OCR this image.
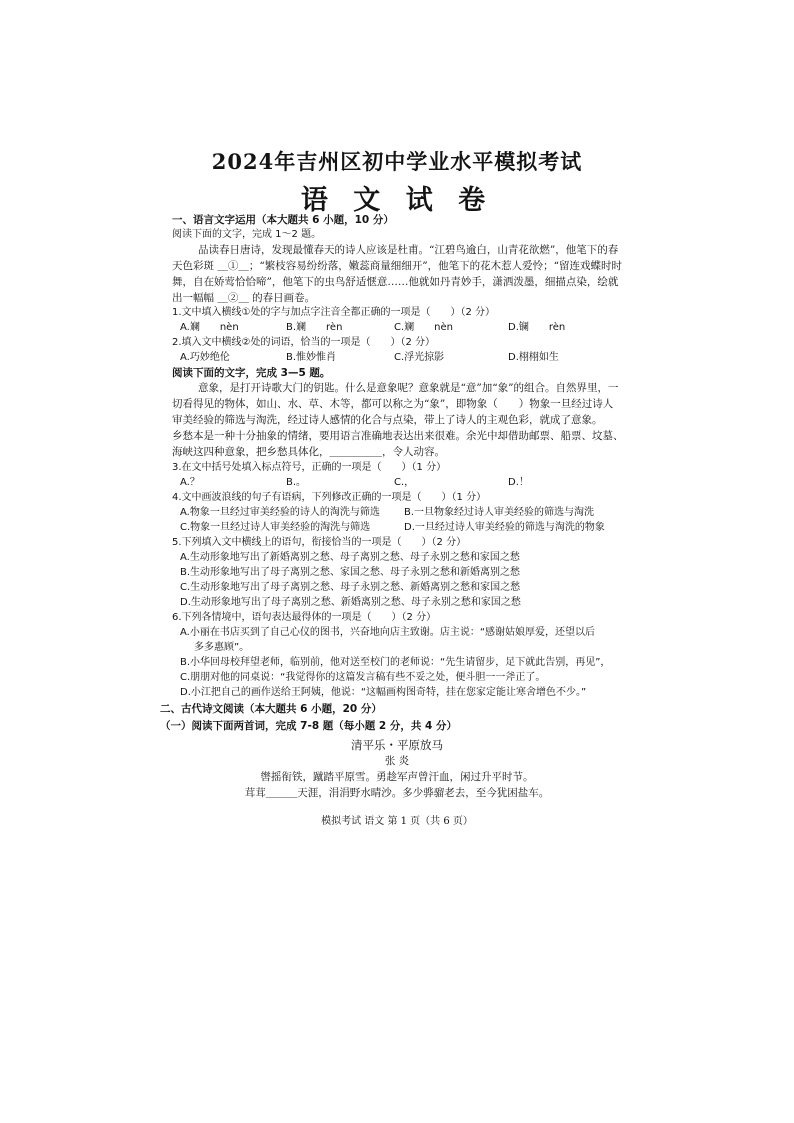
2024年吉州区初中学业水平模拟考试
语 文 试 卷
一、语言文字运用（本大题共 6 小题，10 分）
阅读下面的文字，完成 1～2 题。
品读春日唐诗，发现最懂春天的诗人应该是杜甫。“江碧鸟逾白，山青花欲燃”，他笔下的春
天色彩斑 ＿①＿；“繁枝容易纷纷落，嫩蕊商量细细开”，他笔下的花木惹人爱怜；“留连戏蝶时时
舞，自在娇莺恰恰啼”，他笔下的虫鸟舒适惬意……他就如丹青妙手，潇洒泼墨，细描点染，绘就
出一幅幅 ＿②＿ 的春日画卷。
1.文中填入横线①处的字与加点字注音全都正确的一项是（　　）（2 分）
A.斓　　nèn	B.斓　　rèn	C.斓　　nèn	D.镧　　rèn
2.填入文中横线②处的词语，恰当的一项是（　　）（2 分）
A.巧妙绝伦	B.惟妙惟肖	C.浮光掠影	D.栩栩如生
阅读下面的文字，完成 3—5 题。
意象，是打开诗歌大门的钥匙。什么是意象呢？意象就是“意”加“象”的组合。自然界里，一
切看得见的物体，如山、水、草、木等，都可以称之为“象”，即物象（　　）物象一旦经过诗人
审美经验的筛选与淘洗，经过诗人感情的化合与点染，带上了诗人的主观色彩，就成了意象。
乡愁本是一种十分抽象的情绪，要用语言准确地表达出来很难。余光中却借助邮票、船票、坟墓、
海峡这四种意象，把乡愁具体化，＿＿＿＿＿，令人动容。
3.在文中括号处填入标点符号，正确的一项是（　　）（1 分）
A.？	B.。	C.，	D.！
4.文中画波浪线的句子有语病，下列修改正确的一项是（　　）（1 分）
A.物象一旦经过审美经验的诗人的淘洗与筛选 B.一旦物象经过诗人审美经验的筛选与淘洗
C.物象一旦经过诗人审美经验的淘洗与筛选	D.一旦经过诗人审美经验的筛选与淘洗的物象
5.下列填入文中横线上的语句，衔接恰当的一项是（　　）（2 分）
A.生动形象地写出了新婚离别之愁、母子离别之愁、母子永别之愁和家国之愁
B.生动形象地写出了母子离别之愁、家国之愁、母子永别之愁和新婚离别之愁
C.生动形象地写出了母子离别之愁、母子永别之愁、新婚离别之愁和家国之愁
D.生动形象地写出了母子离别之愁、新婚离别之愁、母子永别之愁和家国之愁
6.下列各情境中，语句表达最得体的一项是（　　）（2 分）
A.小丽在书店买到了自己心仪的图书，兴奋地向店主致谢。店主说：“感谢姑娘厚爱，还望以后
多多惠顾”。
B.小华回母校拜望老师，临别前，他对送至校门的老师说：“先生请留步，足下就此告别，再见”，
C.朋朋对他的同桌说：“我觉得你的这篇发言稿有些不妥之处，便斗胆一一斧正了。
D.小江把自己的画作送给王阿姨，他说：“这幅画构图奇特，挂在您家定能让寒舍增色不少。”
二、古代诗文阅读（本大题共 6 小题，20 分）
（一）阅读下面两首词，完成 7-8 题（每小题 2 分，共 4 分）
清平乐・平原放马
张 炎
辔摇衔铁，蹴踏平原雪。勇趁军声曾汗血，闲过升平时节。
茸茸＿＿＿天涯，涓涓野水晴沙。多少骅骝老去，至今犹困盐车。
模拟考试 语文 第 1 页（共 6 页）
